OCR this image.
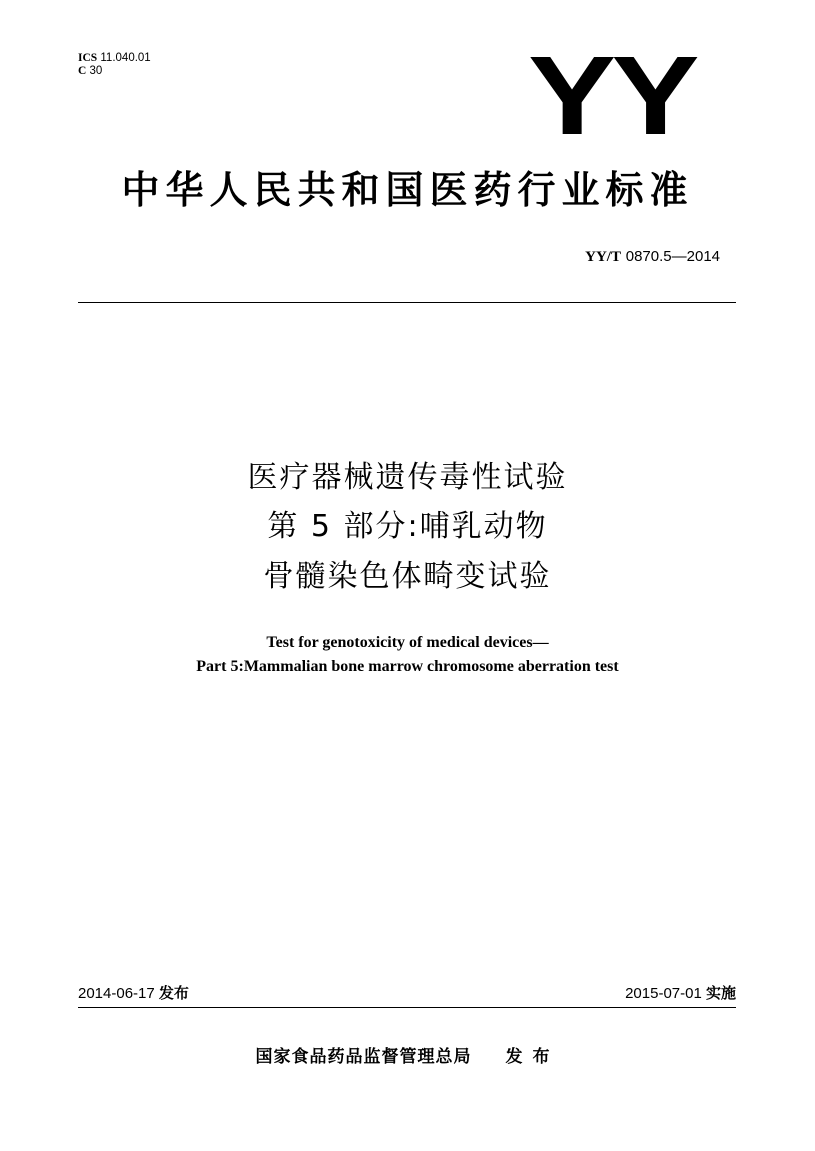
ICS 11.040.01
C 30	YY
中华人民共和国医药行业标准
YY/T 0870.5—2014
医疗器械遗传毒性试验
第 5 部分:哺乳动物
骨髓染色体畸变试验
Test for genotoxicity of medical devices—
Part 5:Mammalian bone marrow chromosome aberration test
2014-06-17 发布	2015-07-01 实施
国家食品药品监督管理总局 发布
